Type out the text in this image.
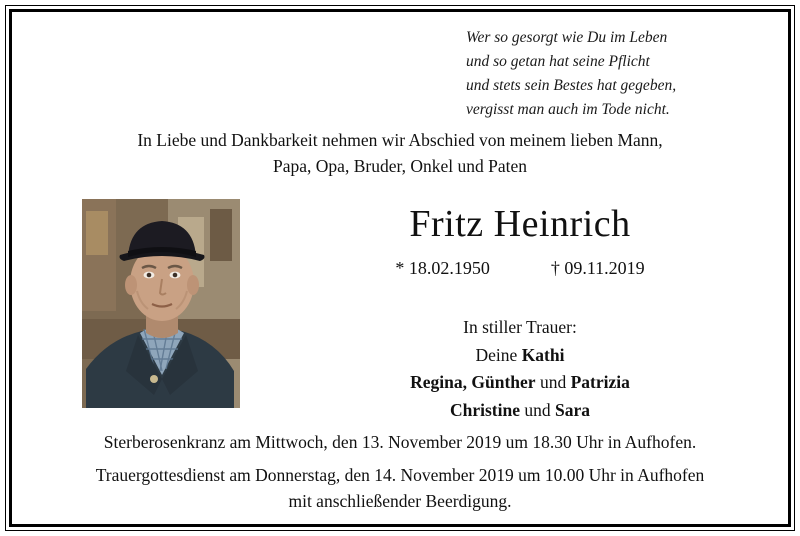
Wer so gesorgt wie Du im Leben
und so getan hat seine Pflicht
und stets sein Bestes hat gegeben,
vergisst man auch im Tode nicht.
In Liebe und Dankbarkeit nehmen wir Abschied von meinem lieben Mann,
Papa, Opa, Bruder, Onkel und Paten
Fritz Heinrich
* 18.02.1950	† 09.11.2019
In stiller Trauer:
Deine Kathi
Regina, Günther und Patrizia
Christine und Sara
Sterberosenkranz am Mittwoch, den 13. November 2019 um 18.30 Uhr in Aufhofen.
Trauergottesdienst am Donnerstag, den 14. November 2019 um 10.00 Uhr in Aufhofen
mit anschließender Beerdigung.
